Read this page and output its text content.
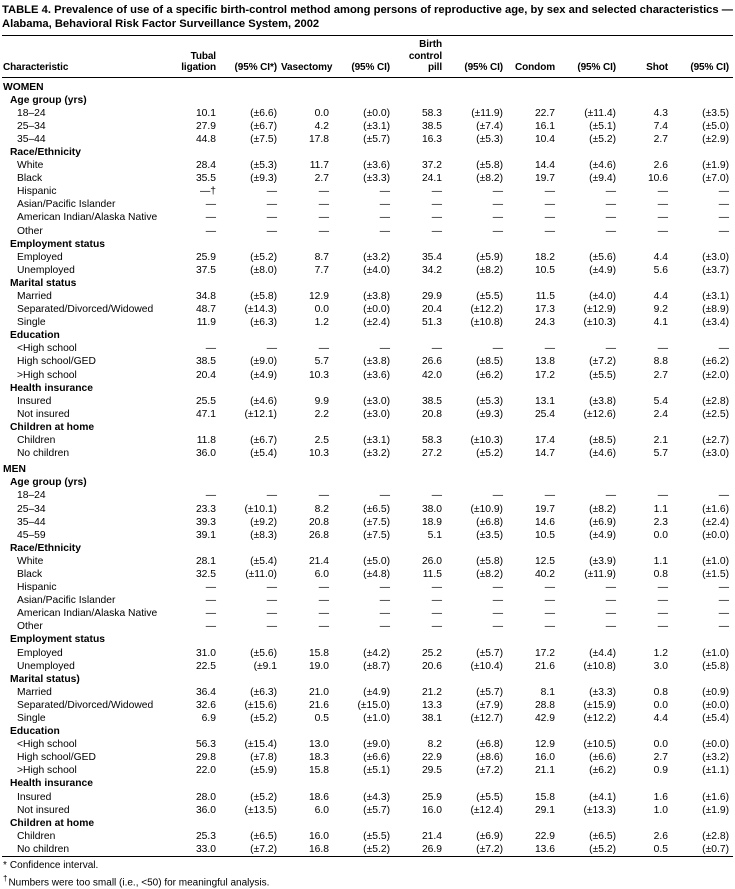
TABLE 4. Prevalence of use of a specific birth-control method among persons of reproductive age, by sex and selected characteristics — Alabama, Behavioral Risk Factor Surveillance System, 2002
Characteristic	Tubal ligation	(95% CI*)	Vasectomy	(95% CI)	Birth control pill	(95% CI)	Condom	(95% CI)	Shot	(95% CI)
WOMEN										
Age group (yrs)										
18–24	10.1	(±6.6)	0.0	(±0.0)	58.3	(±11.9)	22.7	(±11.4)	4.3	(±3.5)
25–34	27.9	(±6.7)	4.2	(±3.1)	38.5	(±7.4)	16.1	(±5.1)	7.4	(±5.0)
35–44	44.8	(±7.5)	17.8	(±5.7)	16.3	(±5.3)	10.4	(±5.2)	2.7	(±2.9)
Race/Ethnicity										
White	28.4	(±5.3)	11.7	(±3.6)	37.2	(±5.8)	14.4	(±4.6)	2.6	(±1.9)
Black	35.5	(±9.3)	2.7	(±3.3)	24.1	(±8.2)	19.7	(±9.4)	10.6	(±7.0)
Hispanic	—†	—	—	—	—	—	—	—	—	—
Asian/Pacific Islander	—	—	—	—	—	—	—	—	—	—
American Indian/Alaska Native	—	—	—	—	—	—	—	—	—	—
Other	—	—	—	—	—	—	—	—	—	—
Employment status										
Employed	25.9	(±5.2)	8.7	(±3.2)	35.4	(±5.9)	18.2	(±5.6)	4.4	(±3.0)
Unemployed	37.5	(±8.0)	7.7	(±4.0)	34.2	(±8.2)	10.5	(±4.9)	5.6	(±3.7)
Marital status										
Married	34.8	(±5.8)	12.9	(±3.8)	29.9	(±5.5)	11.5	(±4.0)	4.4	(±3.1)
Separated/Divorced/Widowed	48.7	(±14.3)	0.0	(±0.0)	20.4	(±12.2)	17.3	(±12.9)	9.2	(±8.9)
Single	11.9	(±6.3)	1.2	(±2.4)	51.3	(±10.8)	24.3	(±10.3)	4.1	(±3.4)
Education										
<High school	—	—	—	—	—	—	—	—	—	—
High school/GED	38.5	(±9.0)	5.7	(±3.8)	26.6	(±8.5)	13.8	(±7.2)	8.8	(±6.2)
>High school	20.4	(±4.9)	10.3	(±3.6)	42.0	(±6.2)	17.2	(±5.5)	2.7	(±2.0)
Health insurance										
Insured	25.5	(±4.6)	9.9	(±3.0)	38.5	(±5.3)	13.1	(±3.8)	5.4	(±2.8)
Not insured	47.1	(±12.1)	2.2	(±3.0)	20.8	(±9.3)	25.4	(±12.6)	2.4	(±2.5)
Children at home										
Children	11.8	(±6.7)	2.5	(±3.1)	58.3	(±10.3)	17.4	(±8.5)	2.1	(±2.7)
No children	36.0	(±5.4)	10.3	(±3.2)	27.2	(±5.2)	14.7	(±4.6)	5.7	(±3.0)
MEN										
Age group (yrs)										
18–24	—	—	—	—	—	—	—	—	—	—
25–34	23.3	(±10.1)	8.2	(±6.5)	38.0	(±10.9)	19.7	(±8.2)	1.1	(±1.6)
35–44	39.3	(±9.2)	20.8	(±7.5)	18.9	(±6.8)	14.6	(±6.9)	2.3	(±2.4)
45–59	39.1	(±8.3)	26.8	(±7.5)	5.1	(±3.5)	10.5	(±4.9)	0.0	(±0.0)
Race/Ethnicity										
White	28.1	(±5.4)	21.4	(±5.0)	26.0	(±5.8)	12.5	(±3.9)	1.1	(±1.0)
Black	32.5	(±11.0)	6.0	(±4.8)	11.5	(±8.2)	40.2	(±11.9)	0.8	(±1.5)
Hispanic	—	—	—	—	—	—	—	—	—	—
Asian/Pacific Islander	—	—	—	—	—	—	—	—	—	—
American Indian/Alaska Native	—	—	—	—	—	—	—	—	—	—
Other	—	—	—	—	—	—	—	—	—	—
Employment status										
Employed	31.0	(±5.6)	15.8	(±4.2)	25.2	(±5.7)	17.2	(±4.4)	1.2	(±1.0)
Unemployed	22.5	(±9.1	19.0	(±8.7)	20.6	(±10.4)	21.6	(±10.8)	3.0	(±5.8)
Marital status)										
Married	36.4	(±6.3)	21.0	(±4.9)	21.2	(±5.7)	8.1	(±3.3)	0.8	(±0.9)
Separated/Divorced/Widowed	32.6	(±15.6)	21.6	(±15.0)	13.3	(±7.9)	28.8	(±15.9)	0.0	(±0.0)
Single	6.9	(±5.2)	0.5	(±1.0)	38.1	(±12.7)	42.9	(±12.2)	4.4	(±5.4)
Education										
<High school	56.3	(±15.4)	13.0	(±9.0)	8.2	(±6.8)	12.9	(±10.5)	0.0	(±0.0)
High school/GED	29.8	(±7.8)	18.3	(±6.6)	22.9	(±8.6)	16.0	(±6.6)	2.7	(±3.2)
>High school	22.0	(±5.9)	15.8	(±5.1)	29.5	(±7.2)	21.1	(±6.2)	0.9	(±1.1)
Health insurance										
Insured	28.0	(±5.2)	18.6	(±4.3)	25.9	(±5.5)	15.8	(±4.1)	1.6	(±1.6)
Not insured	36.0	(±13.5)	6.0	(±5.7)	16.0	(±12.4)	29.1	(±13.3)	1.0	(±1.9)
Children at home										
Children	25.3	(±6.5)	16.0	(±5.5)	21.4	(±6.9)	22.9	(±6.5)	2.6	(±2.8)
No children	33.0	(±7.2)	16.8	(±5.2)	26.9	(±7.2)	13.6	(±5.2)	0.5	(±0.7)
* Confidence interval.
†Numbers were too small (i.e., <50) for meaningful analysis.
